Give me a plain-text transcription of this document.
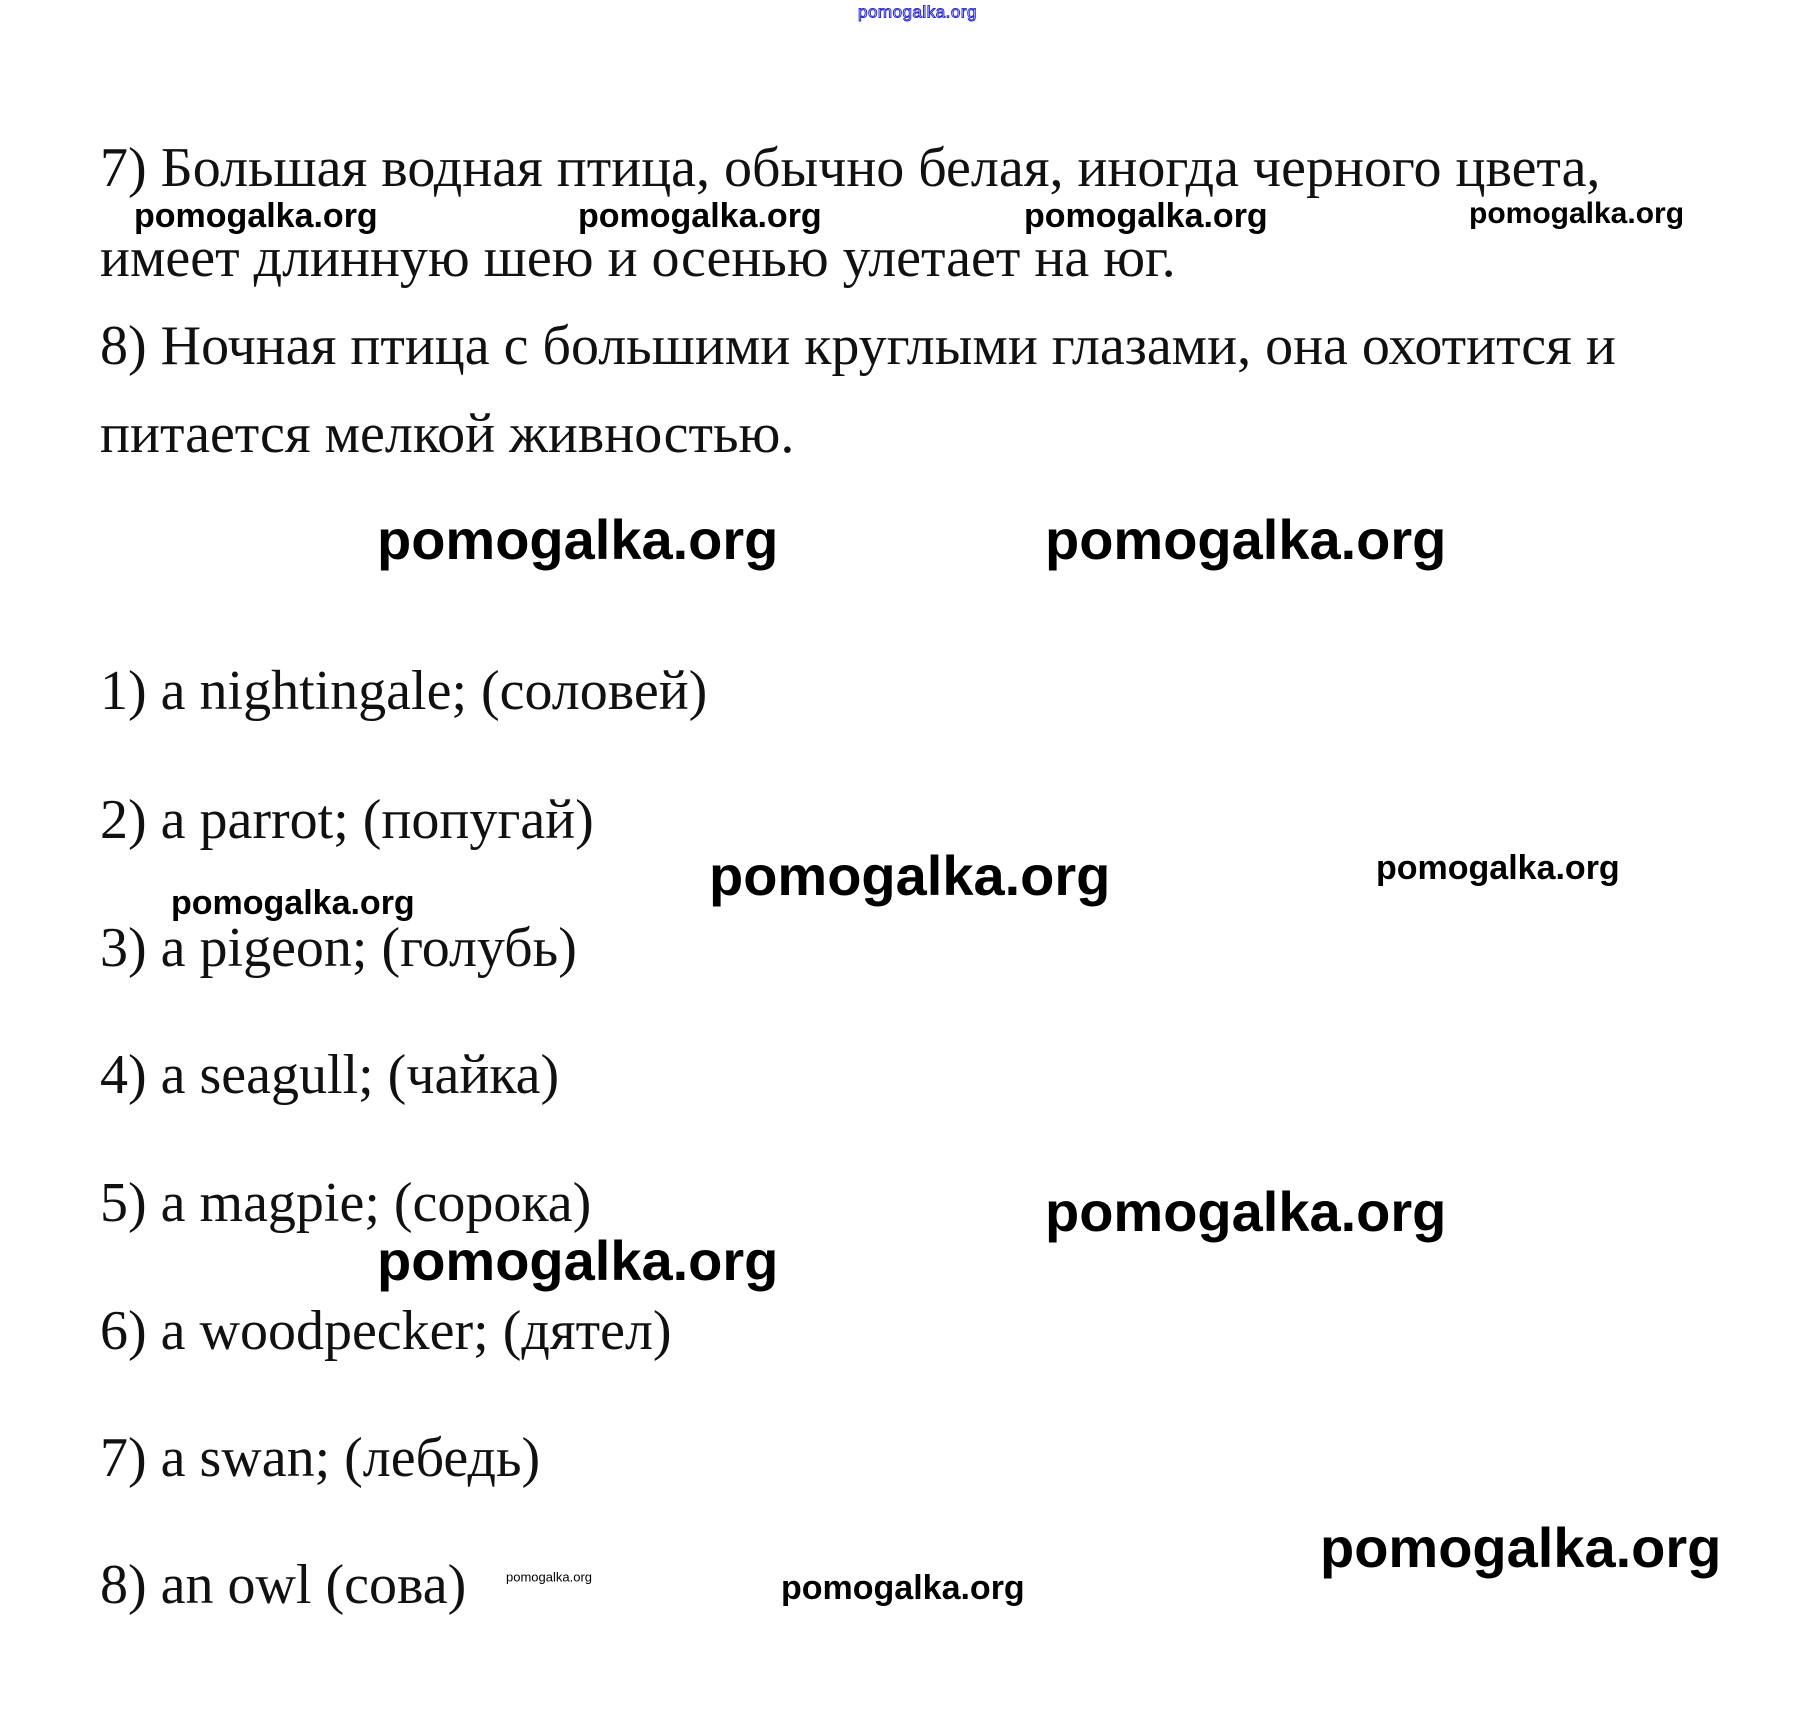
pomogalka.org
7) Большая водная птица, обычно белая, иногда черного цвета,
имеет длинную шею и осенью улетает на юг.
8) Ночная птица с большими круглыми глазами, она охотится и
питается мелкой живностью.
1) a nightingale; (соловей)
2) a parrot; (попугай)
3) a pigeon; (голубь)
4) a seagull; (чайка)
5) a magpie; (сорока)
6) a woodpecker; (дятел)
7) a swan; (лебедь)
8) an owl (сова)
pomogalka.org	pomogalka.org	pomogalka.org	pomogalka.org
pomogalka.org	pomogalka.org
pomogalka.org	pomogalka.org
pomogalka.org
pomogalka.org
pomogalka.org
pomogalka.org
pomogalka.org	pomogalka.org
